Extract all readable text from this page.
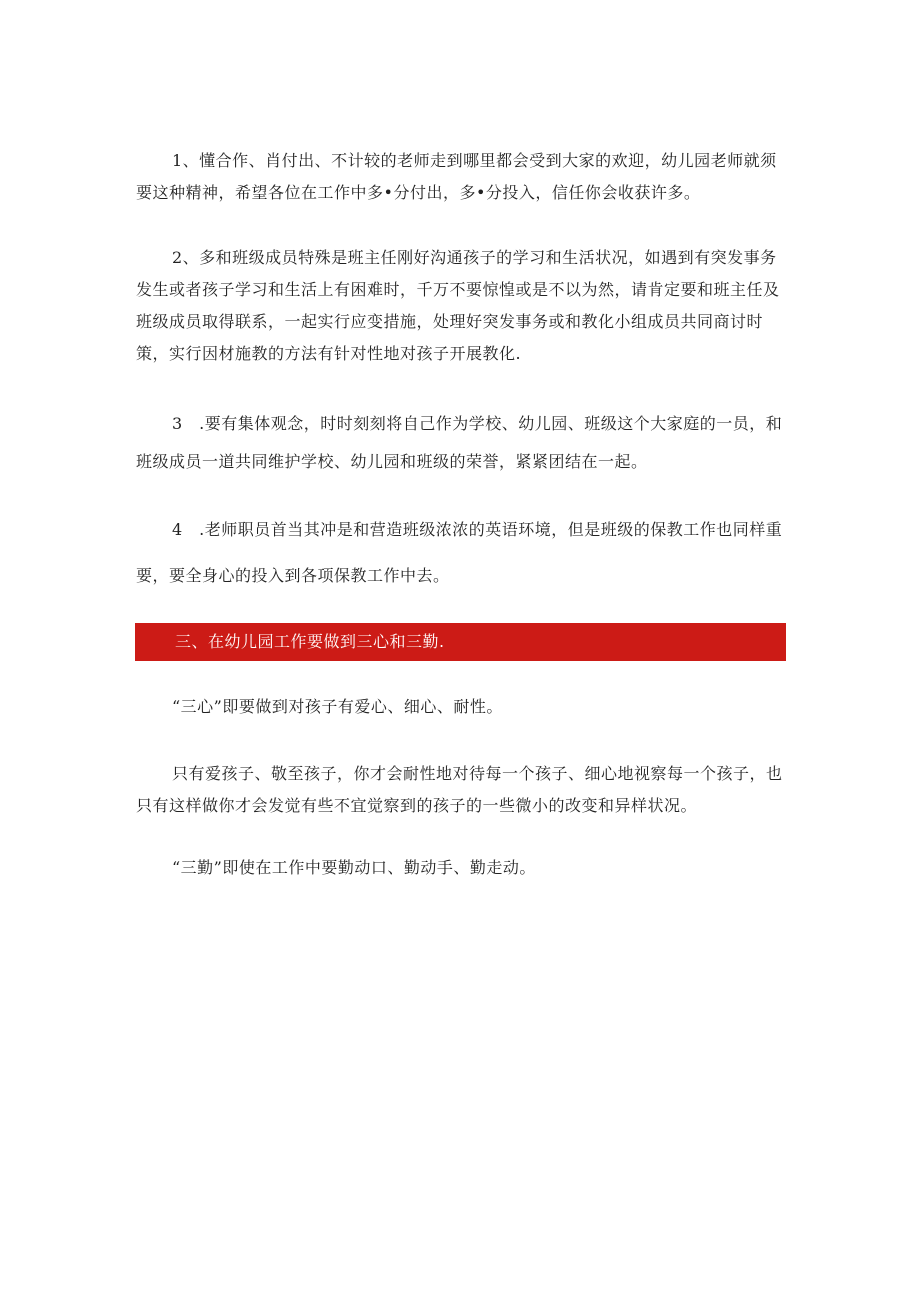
1、懂合作、肖付出、不计较的老师走到哪里都会受到大家的欢迎，幼儿园老师就须要这种精神，希望各位在工作中多•分付出，多•分投入，信任你会收获许多。

2、多和班级成员特殊是班主任刚好沟通孩子的学习和生活状况，如遇到有突发事务发生或者孩子学习和生活上有困难时，千万不要惊惶或是不以为然，请肯定要和班主任及班级成员取得联系，一起实行应变措施，处理好突发事务或和教化小组成员共同商讨时策，实行因材施教的方法有针对性地对孩子开展教化.

3　.要有集体观念，时时刻刻将自己作为学校、幼儿园、班级这个大家庭的一员，和班级成员一道共同维护学校、幼儿园和班级的荣誉，紧紧团结在一起。

4　.老师职员首当其冲是和营造班级浓浓的英语环境，但是班级的保教工作也同样重要，要全身心的投入到各项保教工作中去。

三、在幼儿园工作要做到三心和三勤.

“三心”即要做到对孩子有爱心、细心、耐性。

只有爱孩子、敬至孩子，你才会耐性地对待每一个孩子、细心地视察每一个孩子，也只有这样做你才会发觉有些不宜觉察到的孩子的一些微小的改变和异样状况。

“三勤”即使在工作中要勤动口、勤动手、勤走动。
